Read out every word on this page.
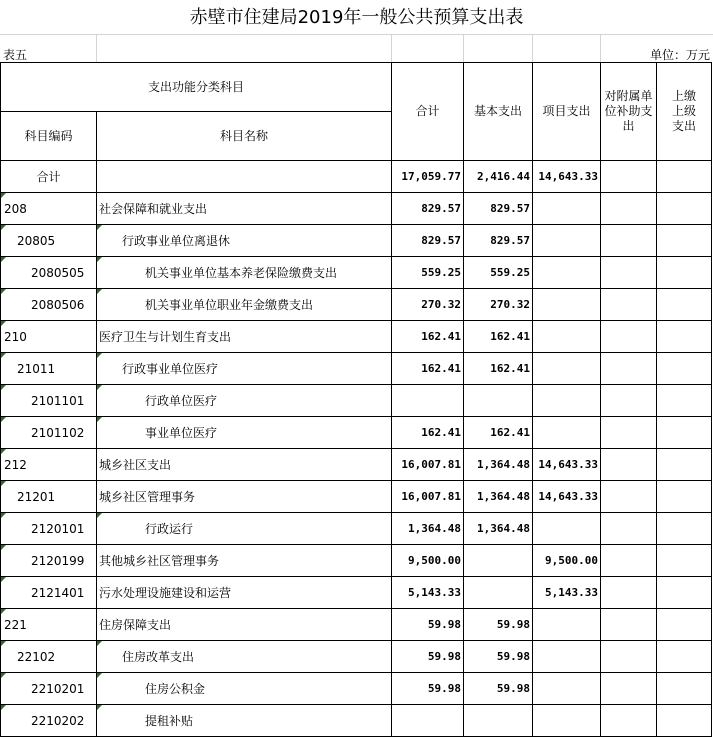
赤壁市住建局2019年一般公共预算支出表
表五	单位：万元
支出功能分类科目		合计	基本支出	项目支出	对附属单位补助支出	上缴上级支出
科目编码	科目名称					
合计		17,059.77	2,416.44	14,643.33		
208	社会保障和就业支出	829.57	829.57			
20805	行政事业单位离退休	829.57	829.57			
2080505	机关事业单位基本养老保险缴费支出	559.25	559.25			
2080506	机关事业单位职业年金缴费支出	270.32	270.32			
210	医疗卫生与计划生育支出	162.41	162.41			
21011	行政事业单位医疗	162.41	162.41			
2101101	行政单位医疗					
2101102	事业单位医疗	162.41	162.41			
212	城乡社区支出	16,007.81	1,364.48	14,643.33		
21201	城乡社区管理事务	16,007.81	1,364.48	14,643.33		
2120101	行政运行	1,364.48	1,364.48			
2120199	其他城乡社区管理事务	9,500.00		9,500.00		
2121401	污水处理设施建设和运营	5,143.33		5,143.33		
221	住房保障支出	59.98	59.98			
22102	住房改革支出	59.98	59.98			
2210201	住房公积金	59.98	59.98			
2210202	提租补贴					
